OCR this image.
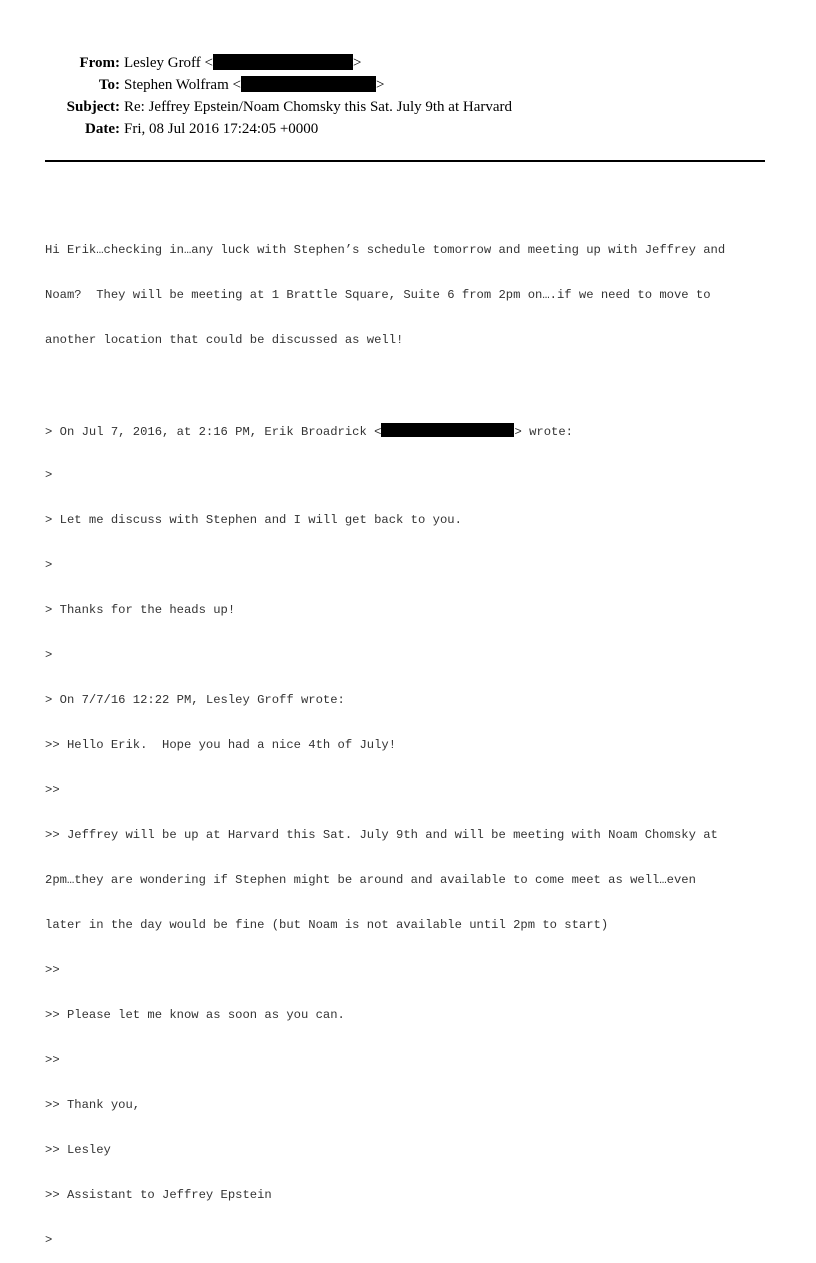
From: Lesley Groff <	>
To: Stephen Wolfram <	>
Subject: Re: Jeffrey Epstein/Noam Chomsky this Sat. July 9th at Harvard
Date: Fri, 08 Jul 2016 17:24:05 +0000

Hi Erik…checking in…any luck with Stephen’s schedule tomorrow and meeting up with Jeffrey and

Noam?  They will be meeting at 1 Brattle Square, Suite 6 from 2pm on….if we need to move to

another location that could be discussed as well!

> On Jul 7, 2016, at 2:16 PM, Erik Broadrick <	> wrote:

>

> Let me discuss with Stephen and I will get back to you.

>

> Thanks for the heads up!

>

> On 7/7/16 12:22 PM, Lesley Groff wrote:

>> Hello Erik.  Hope you had a nice 4th of July!

>>

>> Jeffrey will be up at Harvard this Sat. July 9th and will be meeting with Noam Chomsky at

2pm…they are wondering if Stephen might be around and available to come meet as well…even

later in the day would be fine (but Noam is not available until 2pm to start)

>>

>> Please let me know as soon as you can.

>>

>> Thank you,

>> Lesley

>> Assistant to Jeffrey Epstein

>
